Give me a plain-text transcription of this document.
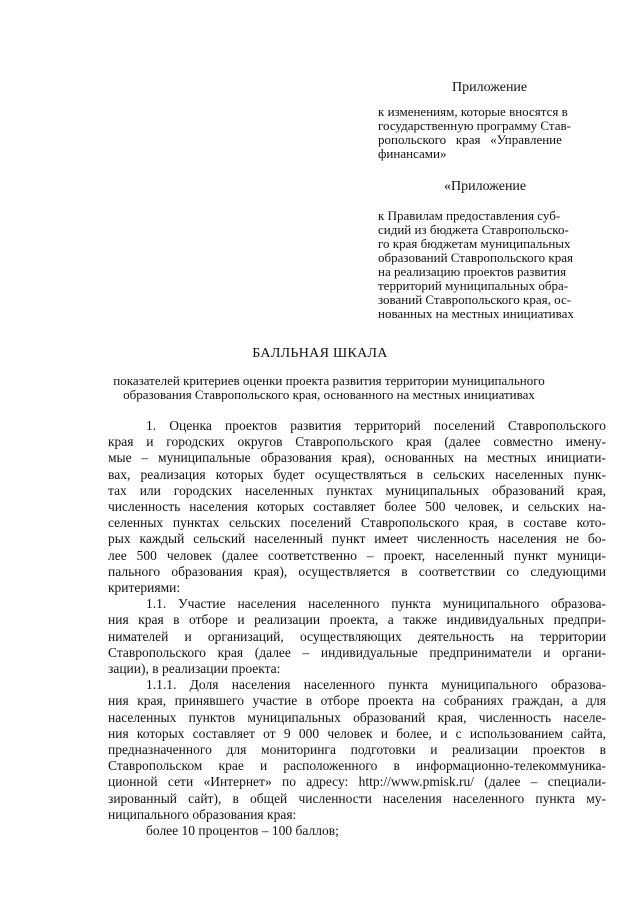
Приложение
к изменениям, которые вносятся в
государственную программу Став-
ропольского   края   «Управление
финансами»
«Приложение
к Правилам предоставления суб-
сидий из бюджета Ставропольско-
го края бюджетам муниципальных
образований Ставропольского края
на реализацию проектов развития
территорий муниципальных обра-
зований Ставропольского края, ос-
нованных на местных инициативах
БАЛЛЬНАЯ ШКАЛА
показателей критериев оценки проекта развития территории муниципального
образования Ставропольского края, основанного на местных инициативах
1. Оценка проектов развития территорий поселений Ставропольского
края и городских округов Ставропольского края (далее совместно имену-
мые – муниципальные образования края), основанных на местных инициати-
вах, реализация которых будет осуществляться в сельских населенных пунк-
тах или городских населенных пунктах муниципальных образований края,
численность населения которых составляет более 500 человек, и сельских на-
селенных пунктах сельских поселений Ставропольского края, в составе кото-
рых каждый сельский населенный пункт имеет численность населения не бо-
лее 500 человек (далее соответственно – проект, населенный пункт муници-
пального образования края), осуществляется в соответствии со следующими
критериями:
1.1. Участие населения населенного пункта муниципального образова-
ния края в отборе и реализации проекта, а также индивидуальных предпри-
нимателей и организаций, осуществляющих деятельность на территории
Ставропольского края (далее – индивидуальные предприниматели и органи-
зации), в реализации проекта:
1.1.1. Доля населения населенного пункта муниципального образова-
ния края, принявшего участие в отборе проекта на собраниях граждан, а для
населенных пунктов муниципальных образований края, численность населе-
ния которых составляет от 9 000 человек и более, и с использованием сайта,
предназначенного для мониторинга подготовки и реализации проектов в
Ставропольском крае и расположенного в информационно-телекоммуника-
ционной сети «Интернет» по адресу: http://www.pmisk.ru/ (далее – специали-
зированный сайт), в общей численности населения населенного пункта му-
ниципального образования края:
более 10 процентов – 100 баллов;
